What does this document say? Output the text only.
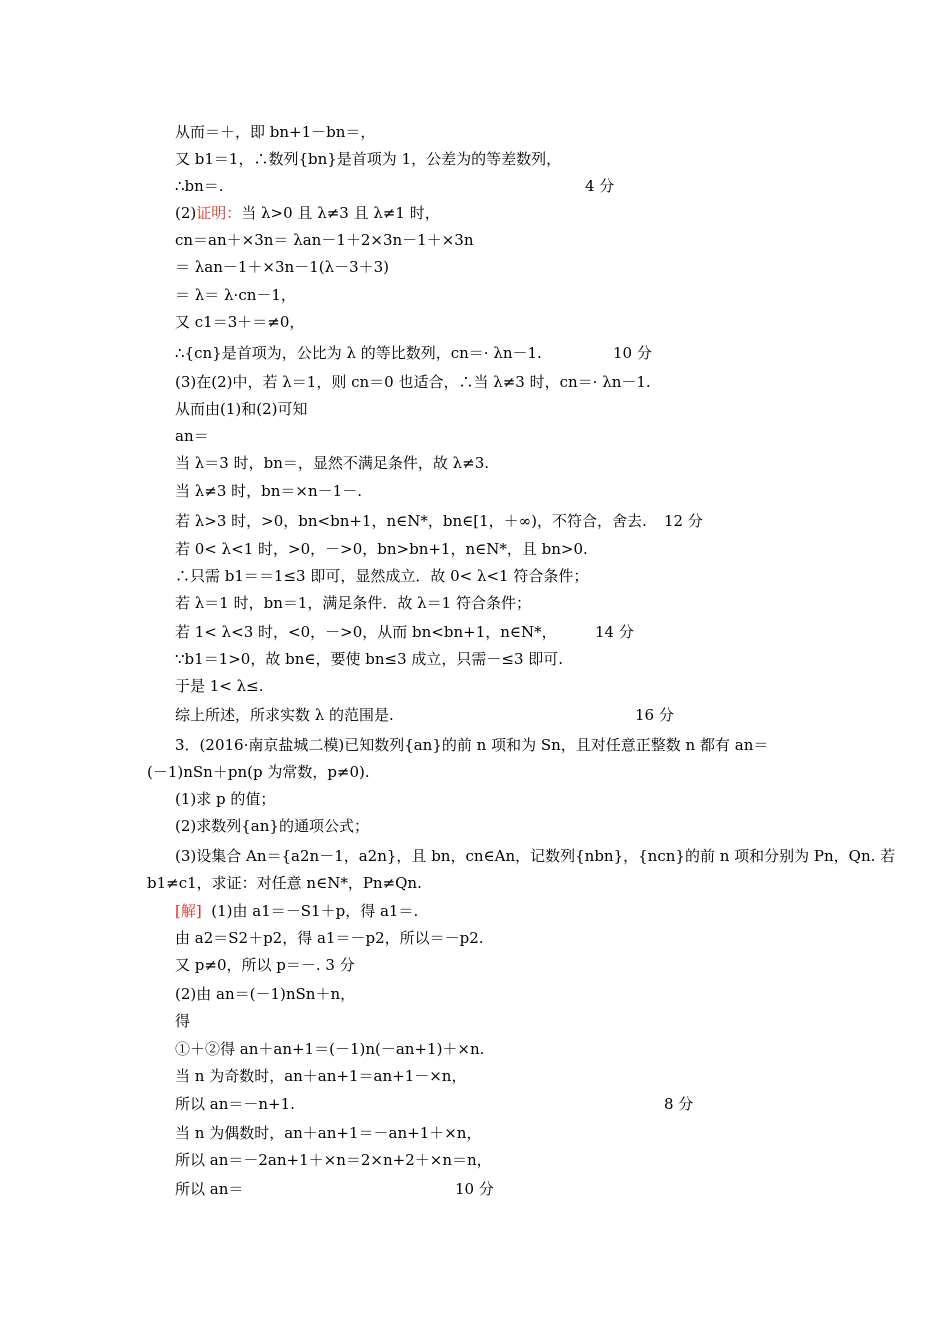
从而＝＋，即 bn+1－bn＝，
又 b1＝1，∴数列{bn}是首项为 1，公差为的等差数列，
∴bn＝.	4 分
(2)证明：当 λ>0 且 λ≠3 且 λ≠1 时，
cn＝an＋×3n＝ λan－1＋2×3n－1＋×3n
＝ λan－1＋×3n－1(λ－3＋3)
＝ λ＝ λ·cn－1，
又 c1＝3＋＝≠0，
∴{cn}是首项为，公比为 λ 的等比数列，cn＝· λn－1.	10 分
(3)在(2)中，若 λ＝1，则 cn＝0 也适合，∴当 λ≠3 时，cn＝· λn－1.
从而由(1)和(2)可知
an＝
当 λ＝3 时，bn＝，显然不满足条件，故 λ≠3.
当 λ≠3 时，bn＝×n－1－.
若 λ>3 时，>0，bn<bn+1，n∈N*，bn∈[1，＋∞)，不符合，舍去. 12 分
若 0< λ<1 时，>0，－>0，bn>bn+1，n∈N*，且 bn>0.
∴只需 b1＝＝1≤3 即可，显然成立．故 0< λ<1 符合条件；
若 λ＝1 时，bn＝1，满足条件．故 λ＝1 符合条件；
若 1< λ<3 时，<0，－>0，从而 bn<bn+1，n∈N*，	14 分
∵b1＝1>0，故 bn∈，要使 bn≤3 成立，只需－≤3 即可.
于是 1< λ≤.
综上所述，所求实数 λ 的范围是.	16 分
3．(2016·南京盐城二模)已知数列{an}的前 n 项和为 Sn，且对任意正整数 n 都有 an＝
(－1)nSn＋pn(p 为常数，p≠0).
(1)求 p 的值；
(2)求数列{an}的通项公式；
(3)设集合 An＝{a2n－1，a2n}，且 bn，cn∈An，记数列{nbn}，{ncn}的前 n 项和分别为 Pn，Qn. 若
b1≠c1，求证：对任意 n∈N*，Pn≠Qn.
[解] (1)由 a1＝－S1＋p，得 a1＝.
由 a2＝S2＋p2，得 a1＝－p2，所以＝－p2.
又 p≠0，所以 p＝－. 3 分
(2)由 an＝(－1)nSn＋n，
得
①＋②得 an＋an+1＝(－1)n(－an+1)＋×n.
当 n 为奇数时，an＋an+1＝an+1－×n，
所以 an＝－n+1.	8 分
当 n 为偶数时，an＋an+1＝－an+1＋×n，
所以 an＝－2an+1＋×n＝2×n+2＋×n＝n，
所以 an＝	10 分
